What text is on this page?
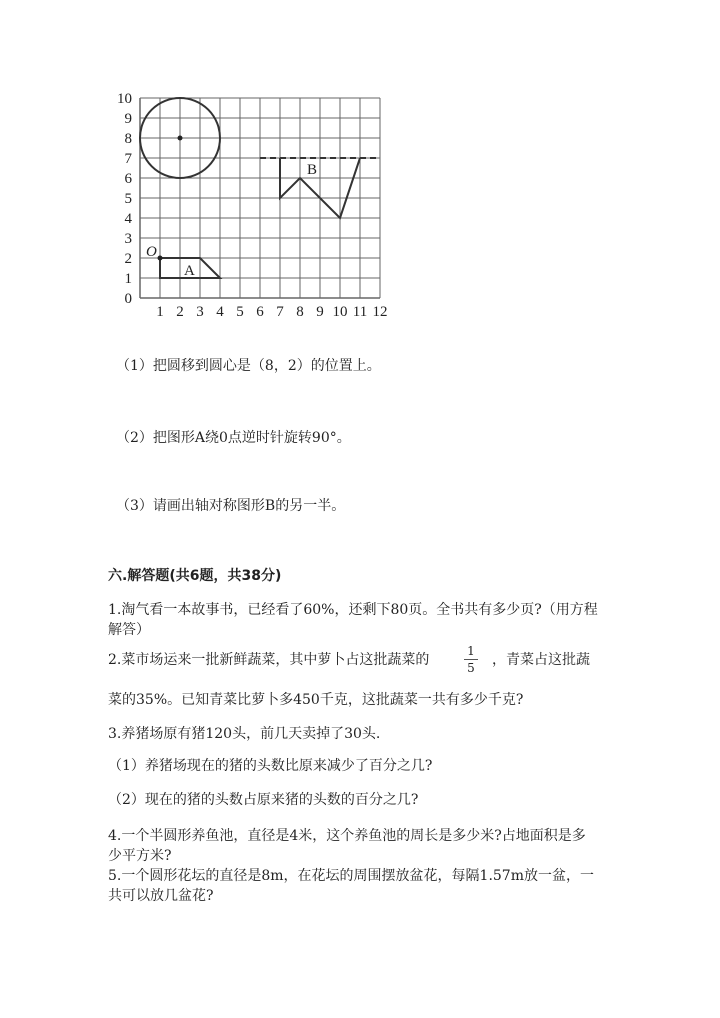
1 2 3 4 5 6 7 8 9 10 11 12
0
1
2
3
4
5
6
7
8
9
10
O
A
B
（1）把圆移到圆心是（8，2）的位置上。
（2）把图形A绕0点逆时针旋转90°。
（3）请画出轴对称图形B的另一半。
六.解答题(共6题，共38分)
1.淘气看一本故事书，已经看了60%，还剩下80页。全书共有多少页?（用方程解答）
2.菜市场运来一批新鲜蔬菜，其中萝卜占这批蔬菜的
1
5 ，青菜占这批蔬
菜的35%。已知青菜比萝卜多450千克，这批蔬菜一共有多少千克?
3.养猪场原有猪120头，前几天卖掉了30头.
（1）养猪场现在的猪的头数比原来减少了百分之几?
（2）现在的猪的头数占原来猪的头数的百分之几?
4.一个半圆形养鱼池，直径是4米，这个养鱼池的周长是多少米?占地面积是多少平方米?
5.一个圆形花坛的直径是8m，在花坛的周围摆放盆花，每隔1.57m放一盆，一共可以放几盆花?
